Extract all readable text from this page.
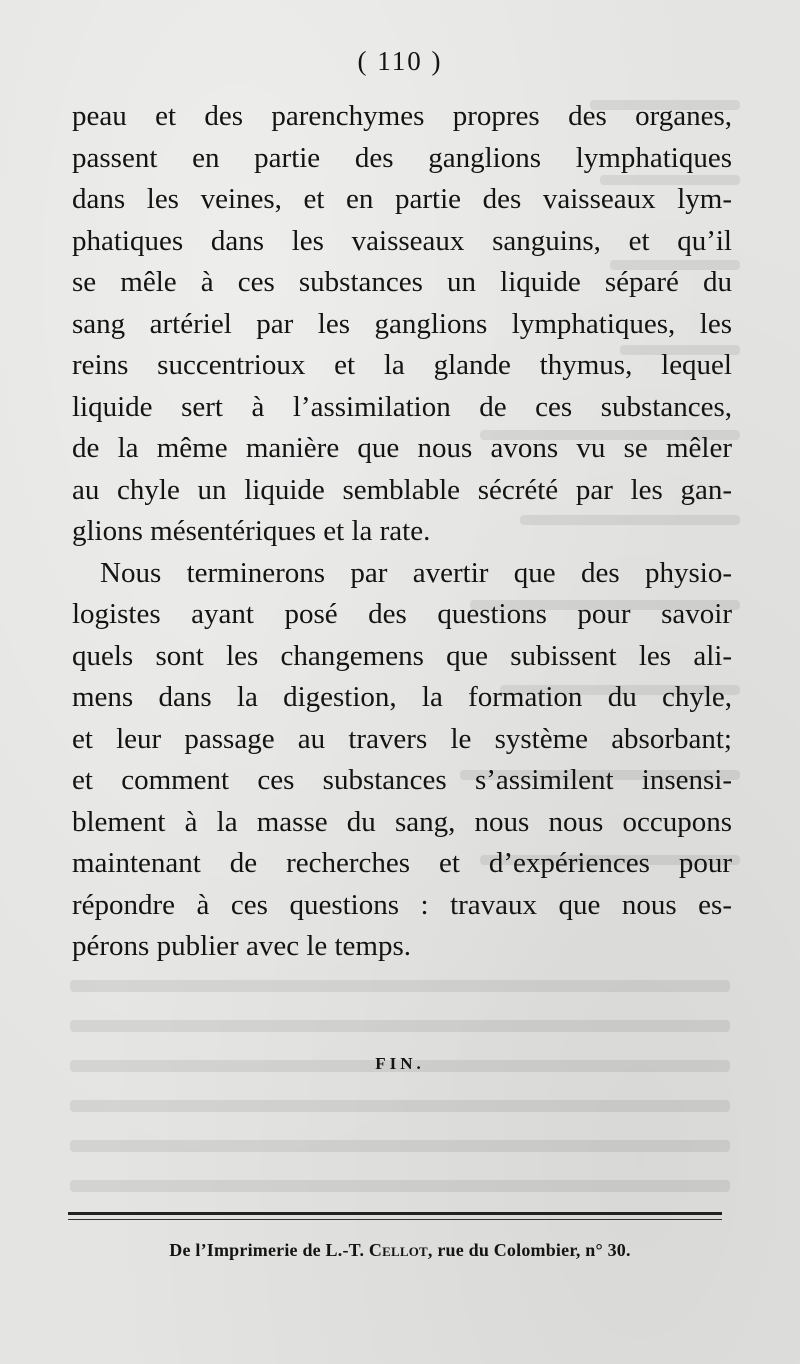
( 110 )
peau et des parenchymes propres des organes,
passent en partie des ganglions lymphatiques
dans les veines, et en partie des vaisseaux lym-
phatiques dans les vaisseaux sanguins, et qu’il
se mêle à ces substances un liquide séparé du
sang artériel par les ganglions lymphatiques, les
reins succentrioux et la glande thymus, lequel
liquide sert à l’assimilation de ces substances,
de la même manière que nous avons vu se mêler
au chyle un liquide semblable sécrété par les gan-
glions mésentériques et la rate.
Nous terminerons par avertir que des physio-
logistes ayant posé des questions pour savoir
quels sont les changemens que subissent les ali-
mens dans la digestion, la formation du chyle,
et leur passage au travers le système absorbant;
et comment ces substances s’assimilent insensi-
blement à la masse du sang, nous nous occupons
maintenant de recherches et d’expériences pour
répondre à ces questions : travaux que nous es-
pérons publier avec le temps.
FIN.
De l’Imprimerie de L.-T. Cellot, rue du Colombier, n° 30.
